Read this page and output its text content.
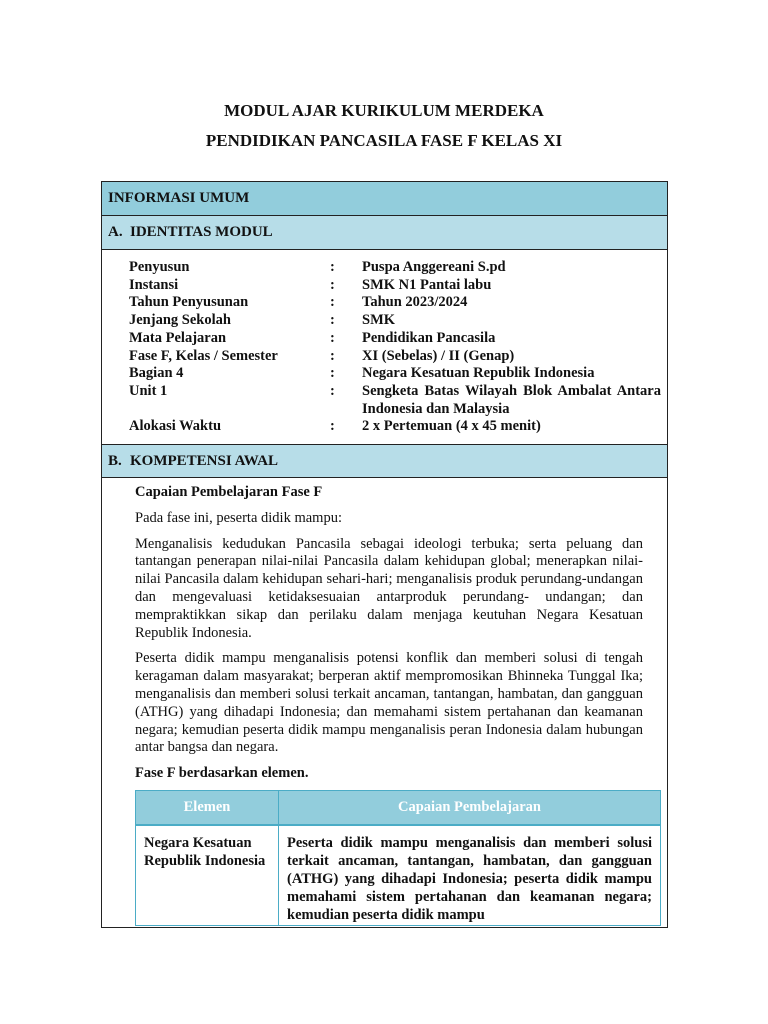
MODUL AJAR KURIKULUM MERDEKA
PENDIDIKAN PANCASILA FASE F KELAS XI
INFORMASI UMUM
A. IDENTITAS MODUL
Penyusun	:	Puspa Anggereani S.pd
Instansi	:	SMK N1 Pantai labu
Tahun Penyusunan	:	Tahun 2023/2024
Jenjang Sekolah	:	SMK
Mata Pelajaran	:	Pendidikan Pancasila
Fase F, Kelas / Semester	:	XI (Sebelas) / II (Genap)
Bagian 4	:	Negara Kesatuan Republik Indonesia
Unit 1	:	Sengketa Batas Wilayah Blok Ambalat Antara Indonesia dan Malaysia
Alokasi Waktu	:	2 x Pertemuan (4 x 45 menit)
B. KOMPETENSI AWAL

Capaian Pembelajaran Fase F

Pada fase ini, peserta didik mampu:

Menganalisis kedudukan Pancasila sebagai ideologi terbuka; serta peluang dan tantangan penerapan nilai-nilai Pancasila dalam kehidupan global; menerapkan nilai-nilai Pancasila dalam kehidupan sehari-hari; menganalisis produk perundang-undangan dan mengevaluasi ketidaksesuaian antarproduk perundang- undangan; dan mempraktikkan sikap dan perilaku dalam menjaga keutuhan Negara Kesatuan Republik Indonesia.

Peserta didik mampu menganalisis potensi konflik dan memberi solusi di tengah keragaman dalam masyarakat; berperan aktif mempromosikan Bhinneka Tunggal Ika; menganalisis dan memberi solusi terkait ancaman, tantangan, hambatan, dan gangguan (ATHG) yang dihadapi Indonesia; dan memahami sistem pertahanan dan keamanan negara; kemudian peserta didik mampu menganalisis peran Indonesia dalam hubungan antar bangsa dan negara.

Fase F berdasarkan elemen.

Elemen	Capaian Pembelajaran
Negara Kesatuan Republik Indonesia	Peserta didik mampu menganalisis dan memberi solusi terkait ancaman, tantangan, hambatan, dan gangguan (ATHG) yang dihadapi Indonesia; peserta didik mampu memahami sistem pertahanan dan keamanan negara; kemudian peserta didik mampu
